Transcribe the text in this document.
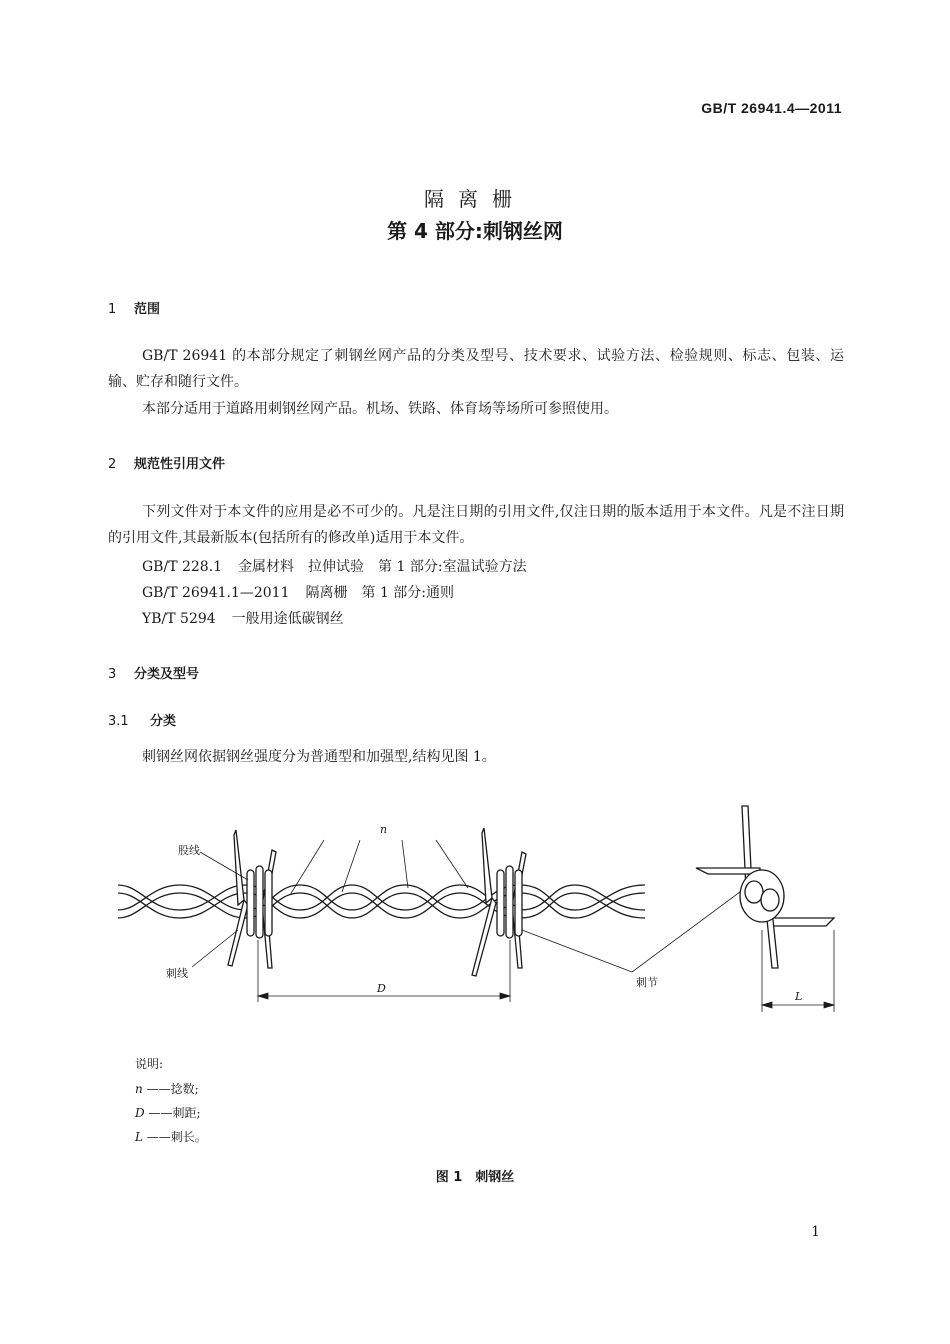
GB/T 26941.4—2011
隔离栅
第 4 部分:刺钢丝网
1 范围
GB/T 26941 的本部分规定了刺钢丝网产品的分类及型号、技术要求、试验方法、检验规则、标志、包装、运输、贮存和随行文件。
本部分适用于道路用刺钢丝网产品。机场、铁路、体育场等场所可参照使用。
2 规范性引用文件
下列文件对于本文件的应用是必不可少的。凡是注日期的引用文件,仅注日期的版本适用于本文件。凡是不注日期的引用文件,其最新版本(包括所有的修改单)适用于本文件。
GB/T 228.1 金属材料　拉伸试验　第 1 部分:室温试验方法
GB/T 26941.1—2011 隔离栅　第 1 部分:通则
YB/T 5294 一般用途低碳钢丝
3 分类及型号
3.1 分类
刺钢丝网依据钢丝强度分为普通型和加强型,结构见图 1。
股线
刺线
n
D	刺节
L
说明:
n ——捻数;
D ——刺距;
L ——刺长。
图 1　刺钢丝
1
